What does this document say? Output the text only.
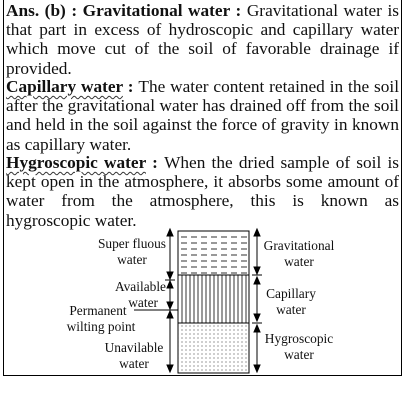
Ans. (b) : Gravitational water : Gravitational water is that part in excess of hydroscopic and capillary water which move cut of the soil of favorable drainage if provided.
Capillary water : The water content retained in the soil after the gravitational water has drained off from the soil and held in the soil against the force of gravity in known as capillary water.
Hygroscopic water : When the dried sample of soil is kept open in the atmosphere, it absorbs some amount of water from the atmosphere, this is known as hygroscopic water.
Super fluous
water
Available
water
Permanent
wilting point
Unavilable
water
Gravitational
water
Capillary
water
Hygroscopic
water
